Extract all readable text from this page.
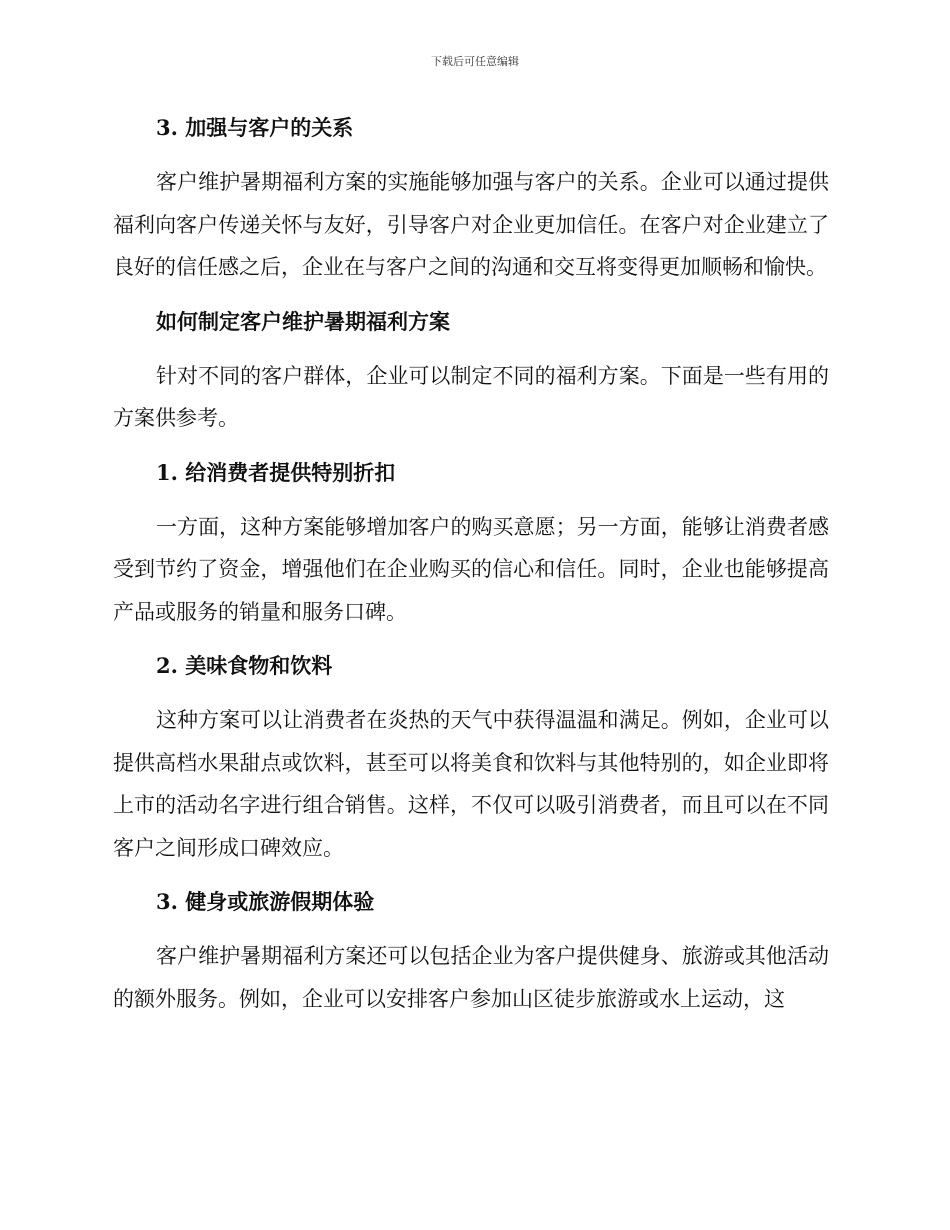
下载后可任意编辑
3. 加强与客户的关系

客户维护暑期福利方案的实施能够加强与客户的关系。企业可以通过提供福利向客户传递关怀与友好，引导客户对企业更加信任。在客户对企业建立了良好的信任感之后，企业在与客户之间的沟通和交互将变得更加顺畅和愉快。

如何制定客户维护暑期福利方案

针对不同的客户群体，企业可以制定不同的福利方案。下面是一些有用的方案供参考。

1. 给消费者提供特别折扣

一方面，这种方案能够增加客户的购买意愿；另一方面，能够让消费者感受到节约了资金，增强他们在企业购买的信心和信任。同时，企业也能够提高产品或服务的销量和服务口碑。

2. 美味食物和饮料

这种方案可以让消费者在炎热的天气中获得温温和满足。例如，企业可以提供高档水果甜点或饮料，甚至可以将美食和饮料与其他特别的，如企业即将上市的活动名字进行组合销售。这样，不仅可以吸引消费者，而且可以在不同客户之间形成口碑效应。

3. 健身或旅游假期体验

客户维护暑期福利方案还可以包括企业为客户提供健身、旅游或其他活动的额外服务。例如，企业可以安排客户参加山区徒步旅游或水上运动，这
